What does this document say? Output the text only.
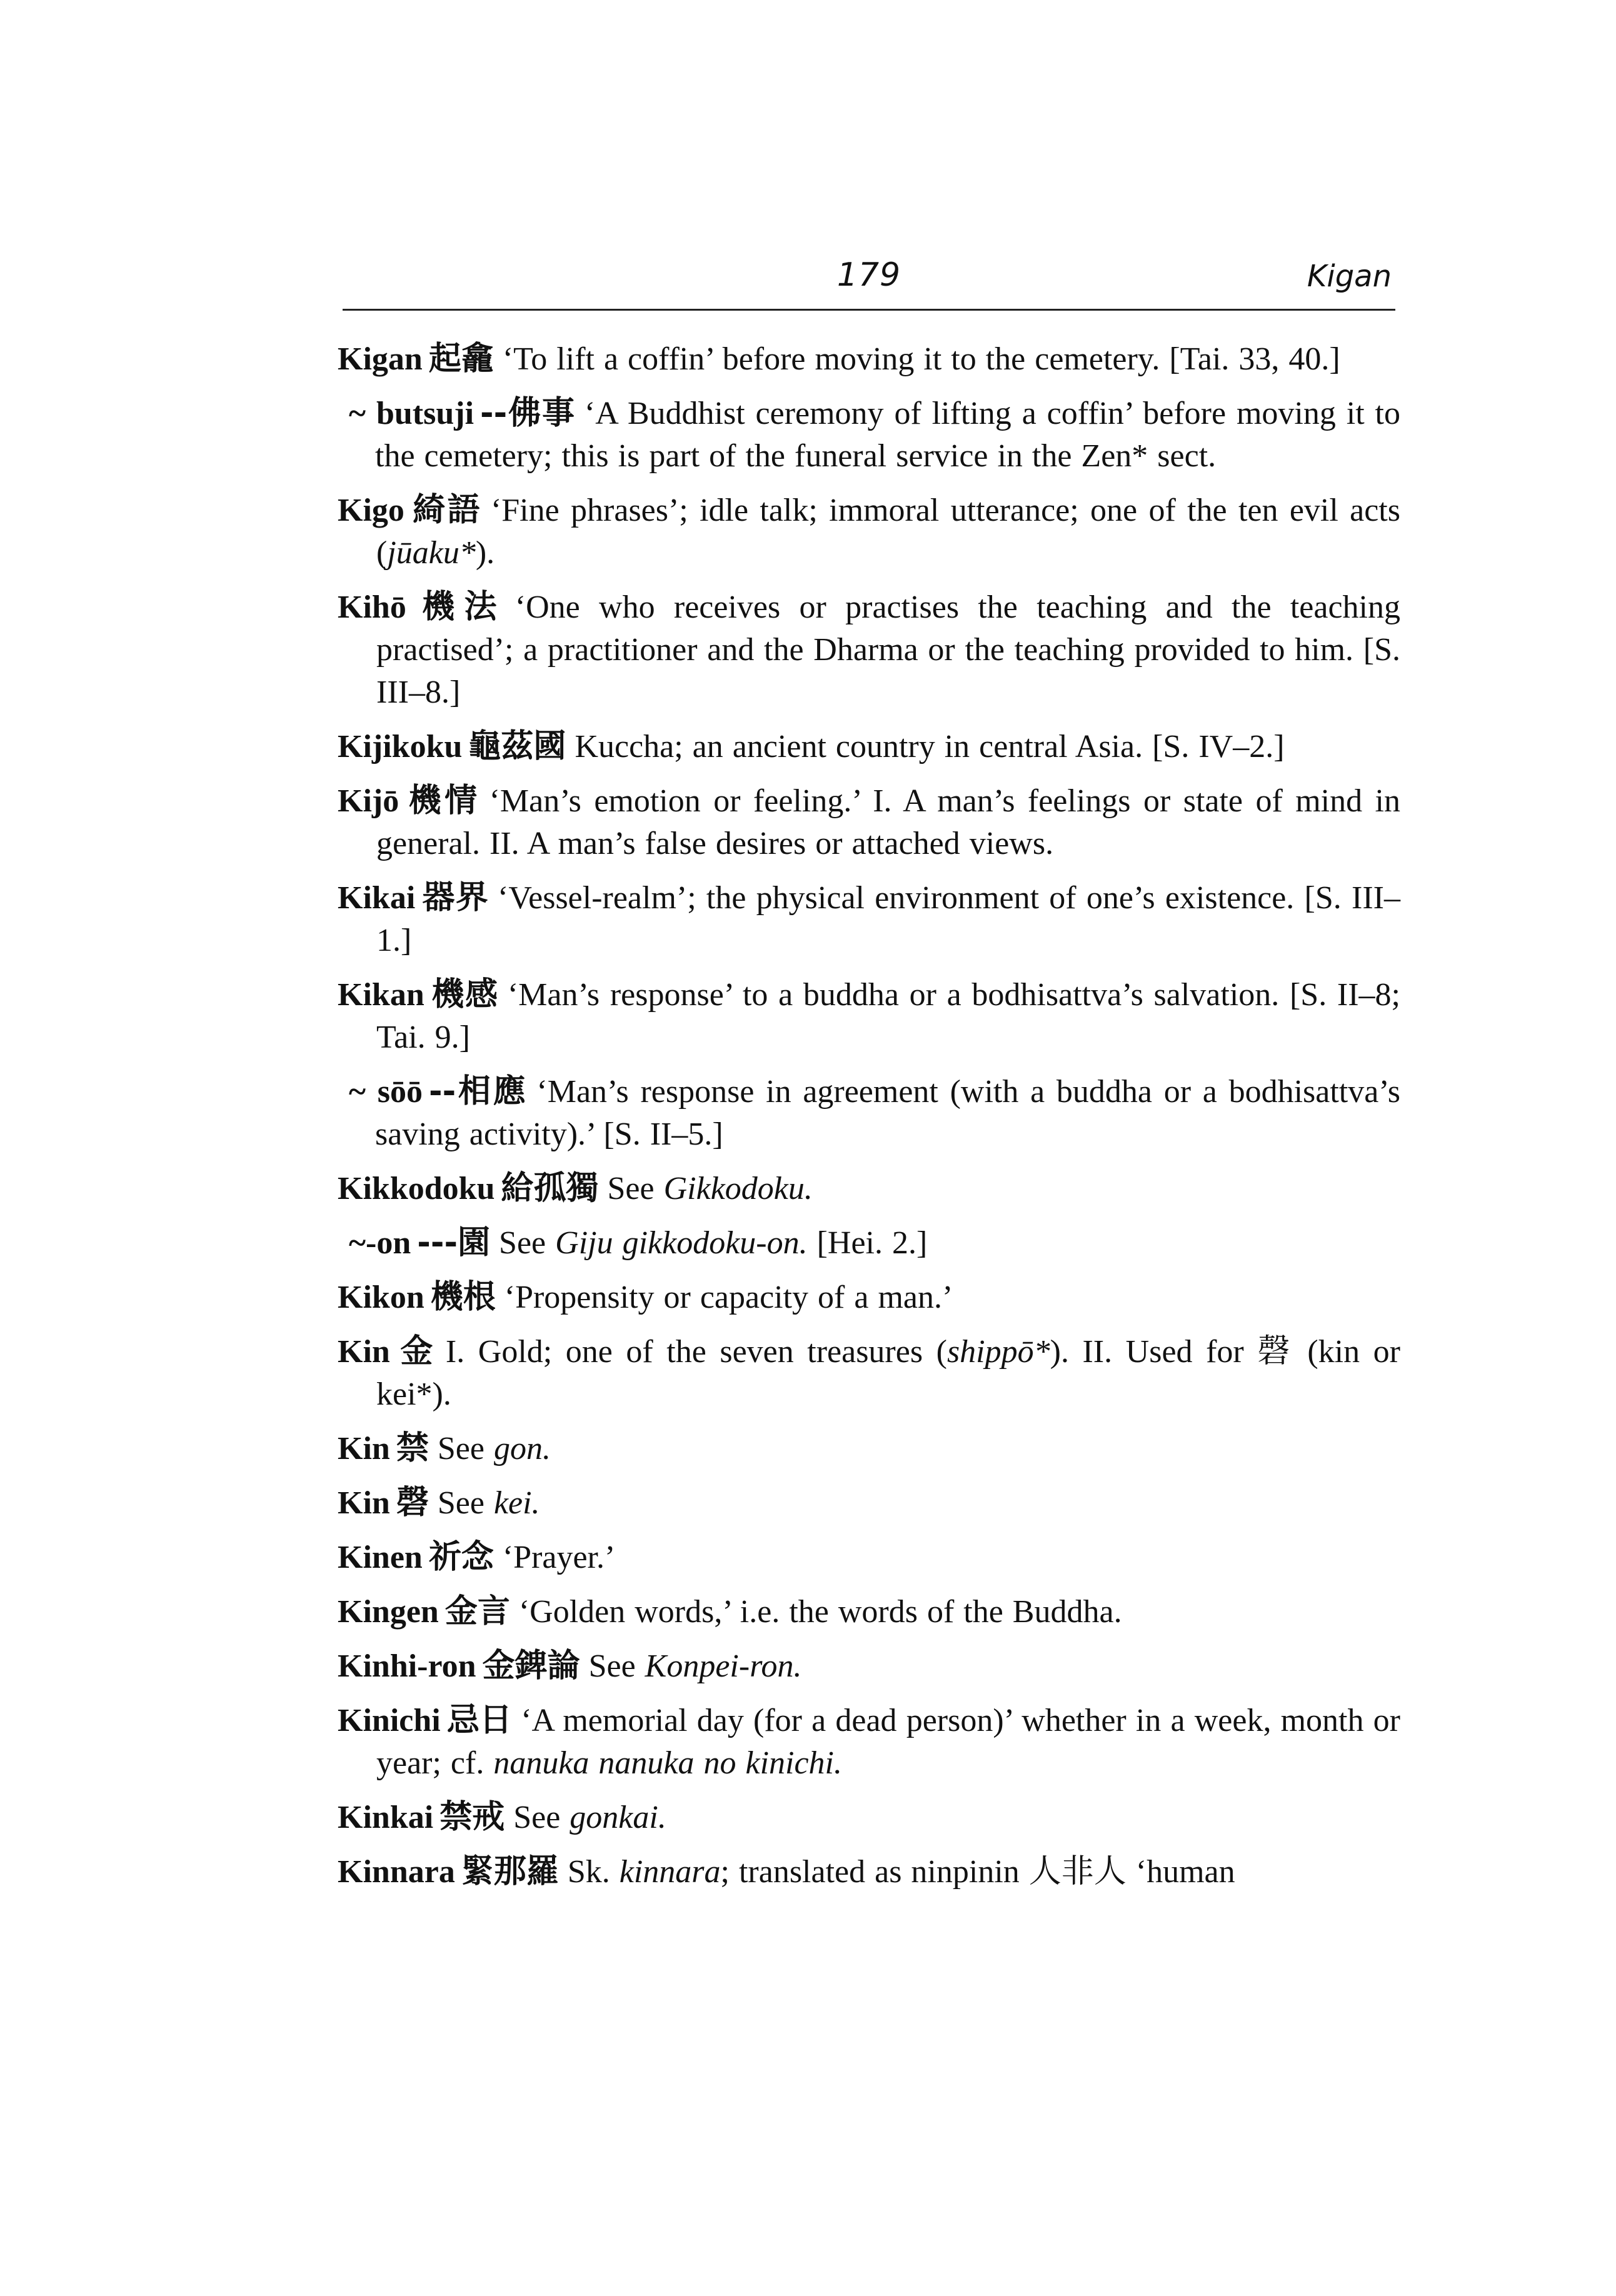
179	Kigan
Kigan 起龕 ‘To lift a coffin’ before moving it to the cemetery. [Tai. 33, 40.]
~ butsuji --佛事 ‘A Buddhist ceremony of lifting a coffin’ before moving it to the cemetery; this is part of the funeral service in the Zen* sect.
Kigo 綺語 ‘Fine phrases’; idle talk; immoral utterance; one of the ten evil acts (jūaku*).
Kihō 機法 ‘One who receives or practises the teaching and the teaching practised’; a practitioner and the Dharma or the teaching provided to him. [S. III–8.]
Kijikoku 龜茲國 Kuccha; an ancient country in central Asia. [S. IV–2.]
Kijō 機情 ‘Man’s emotion or feeling.’ I. A man’s feelings or state of mind in general. II. A man’s false desires or attached views.
Kikai 器界 ‘Vessel-realm’; the physical environment of one’s existence. [S. III–1.]
Kikan 機感 ‘Man’s response’ to a buddha or a bodhisattva’s salvation. [S. II–8; Tai. 9.]
~ sōō --相應 ‘Man’s response in agreement (with a buddha or a bodhisattva’s saving activity).’ [S. II–5.]
Kikkodoku 給孤獨 See Gikkodoku.
~-on ---園 See Giju gikkodoku-on. [Hei. 2.]
Kikon 機根 ‘Propensity or capacity of a man.’
Kin 金 I. Gold; one of the seven treasures (shippō*). II. Used for 磬 (kin or kei*).
Kin 禁 See gon.
Kin 磬 See kei.
Kinen 祈念 ‘Prayer.’
Kingen 金言 ‘Golden words,’ i.e. the words of the Buddha.
Kinhi-ron 金錍論 See Konpei-ron.
Kinichi 忌日 ‘A memorial day (for a dead person)’ whether in a week, month or year; cf. nanuka nanuka no kinichi.
Kinkai 禁戒 See gonkai.
Kinnara 緊那羅 Sk. kinnara; translated as ninpinin 人非人 ‘human
